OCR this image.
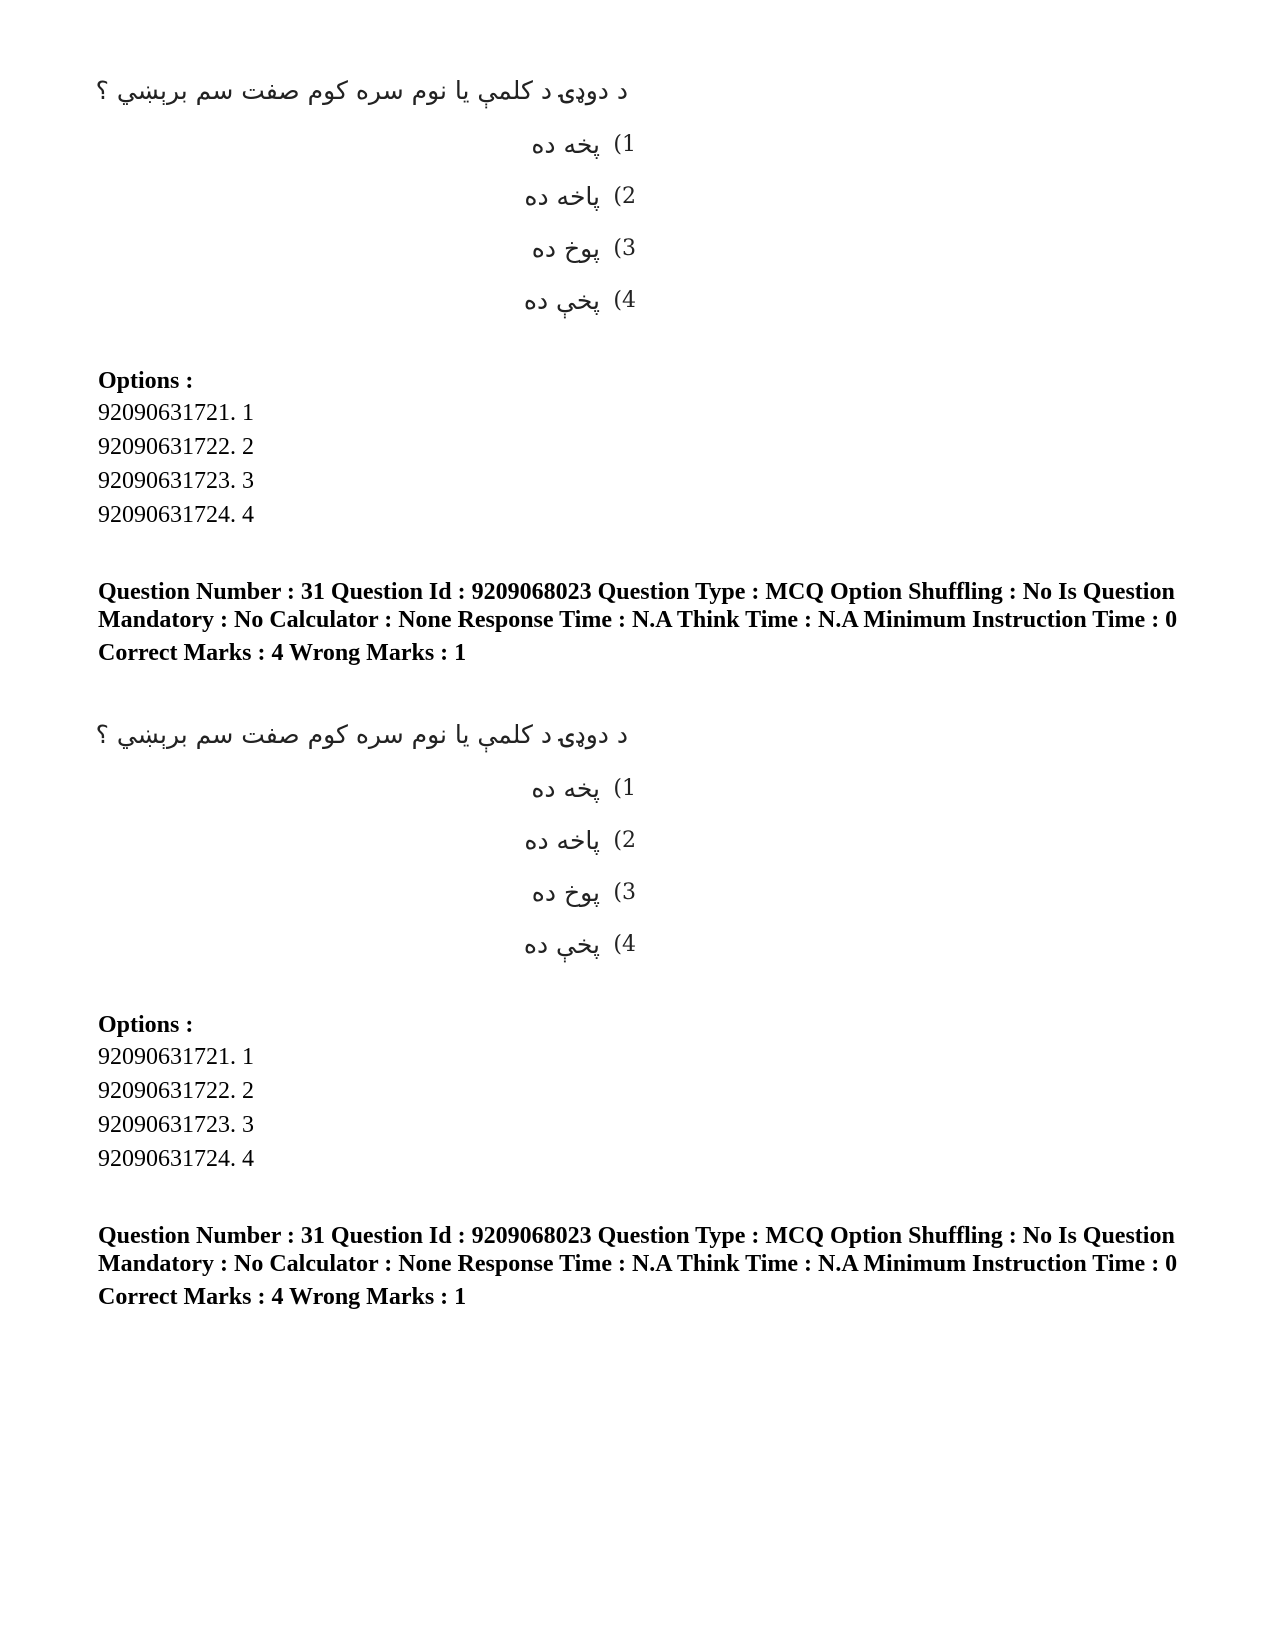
د دوډۍ د کلمې یا نوم سره کوم صفت سم برېښي ؟
(1
پخه ده
(2
پاخه ده
(3
پوخ ده
(4
پخې ده
Options :
92090631721. 1
92090631722. 2
92090631723. 3
92090631724. 4
Question Number : 31 Question Id : 9209068023 Question Type : MCQ Option Shuffling : No Is Question Mandatory : No Calculator : None Response Time : N.A Think Time : N.A Minimum Instruction Time : 0
Correct Marks : 4 Wrong Marks : 1
د دوډۍ د کلمې یا نوم سره کوم صفت سم برېښي ؟
(1
پخه ده
(2
پاخه ده
(3
پوخ ده
(4
پخې ده
Options :
92090631721. 1
92090631722. 2
92090631723. 3
92090631724. 4
Question Number : 31 Question Id : 9209068023 Question Type : MCQ Option Shuffling : No Is Question Mandatory : No Calculator : None Response Time : N.A Think Time : N.A Minimum Instruction Time : 0
Correct Marks : 4 Wrong Marks : 1
